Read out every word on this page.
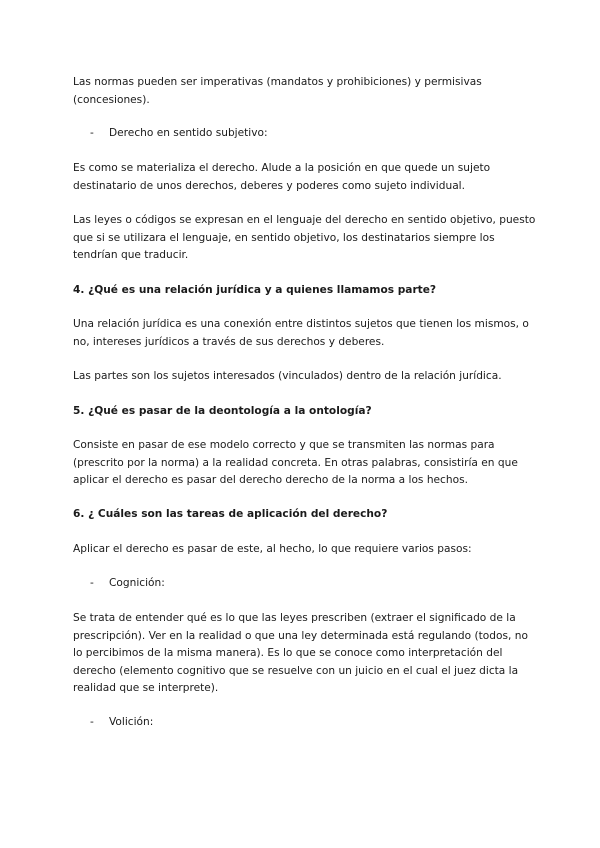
Las normas pueden ser imperativas (mandatos y prohibiciones) y permisivas
(concesiones).

- Derecho en sentido subjetivo:

Es como se materializa el derecho. Alude a la posición en que quede un sujeto
destinatario de unos derechos, deberes y poderes como sujeto individual.

Las leyes o códigos se expresan en el lenguaje del derecho en sentido objetivo, puesto
que si se utilizara el lenguaje, en sentido objetivo, los destinatarios siempre los
tendrían que traducir.

4. ¿Qué es una relación jurídica y a quienes llamamos parte?

Una relación jurídica es una conexión entre distintos sujetos que tienen los mismos, o
no, intereses jurídicos a través de sus derechos y deberes.

Las partes son los sujetos interesados (vinculados) dentro de la relación jurídica.

5. ¿Qué es pasar de la deontología a la ontología?

Consiste en pasar de ese modelo correcto y que se transmiten las normas para
(prescrito por la norma) a la realidad concreta. En otras palabras, consistiría en que
aplicar el derecho es pasar del derecho derecho de la norma a los hechos.

6. ¿ Cuáles son las tareas de aplicación del derecho?

Aplicar el derecho es pasar de este, al hecho, lo que requiere varios pasos:

- Cognición:

Se trata de entender qué es lo que las leyes prescriben (extraer el significado de la
prescripción). Ver en la realidad o que una ley determinada está regulando (todos, no
lo percibimos de la misma manera). Es lo que se conoce como interpretación del
derecho (elemento cognitivo que se resuelve con un juicio en el cual el juez dicta la
realidad que se interprete).

- Volición:
